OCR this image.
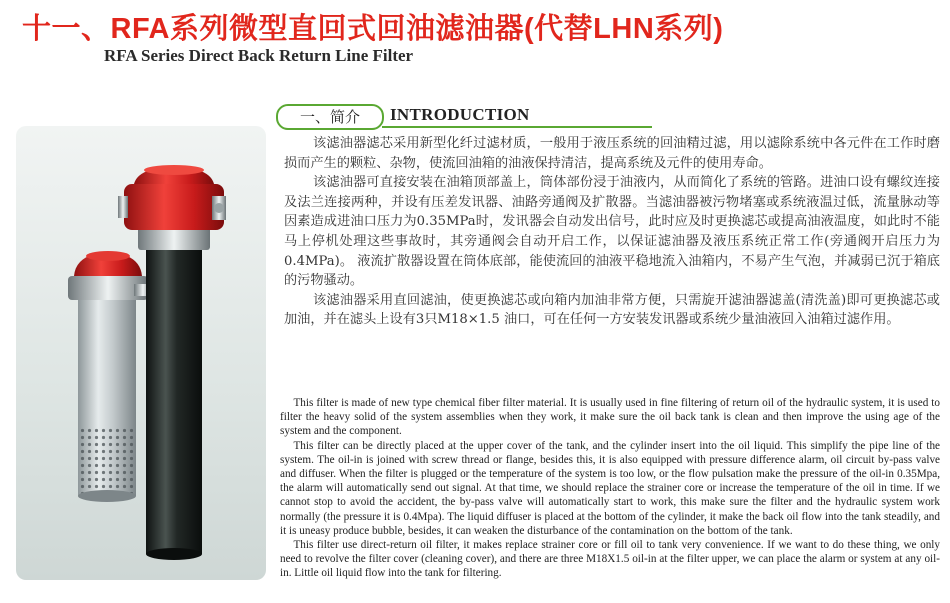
十一、RFA系列微型直回式回油滤油器(代替LHN系列)
RFA Series Direct Back Return Line Filter
一、简介	INTRODUCTION

该滤油器滤芯采用新型化纤过滤材质，一般用于液压系统的回油精过滤，用以滤除系统中各元件在工作时磨损而产生的颗粒、杂物，使流回油箱的油液保持清洁，提高系统及元件的使用寿命。

该滤油器可直接安装在油箱顶部盖上，筒体部份浸于油液内，从而简化了系统的管路。进油口设有螺纹连接及法兰连接两种，并设有压差发讯器、油路旁通阀及扩散器。当滤油器被污物堵塞或系统液温过低，流量脉动等因素造成进油口压力为0.35MPa时，发讯器会自动发出信号，此时应及时更换滤芯或提高油液温度，如此时不能马上停机处理这些事故时，其旁通阀会自动开启工作，以保证滤油器及液压系统正常工作(旁通阀开启压力为0.4MPa)。 液流扩散器设置在筒体底部，能使流回的油液平稳地流入油箱内，不易产生气泡，并减弱已沉于箱底的污物骚动。

该滤油器采用直回滤油，使更换滤芯或向箱内加油非常方便，只需旋开滤油器滤盖(清洗盖)即可更换滤芯或加油，并在滤头上设有3只M18×1.5 油口，可在任何一方安装发讯器或系统少量油液回入油箱过滤作用。

This filter is made of new type chemical fiber filter material. It is usually used in fine filtering of return oil of the hydraulic system, it is used to filter the heavy solid of the system assemblies when they work, it make sure the oil back tank is clean and then improve the using age of the system and the component.

This filter can be directly placed at the upper cover of the tank, and the cylinder insert into the oil liquid. This simplify the pipe line of the system. The oil-in is joined with screw thread or flange, besides this, it is also equipped with pressure difference alarm, oil circuit by-pass valve and diffuser. When the filter is plugged or the temperature of the system is too low, or the flow pulsation make the pressure of the oil-in 0.35Mpa, the alarm will automatically send out signal. At that time, we should replace the strainer core or increase the temperature of the oil in time. If we cannot stop to avoid the accident, the by-pass valve will automatically start to work, this make sure the filter and the hydraulic system work normally (the pressure it is 0.4Mpa). The liquid diffuser is placed at the bottom of the cylinder, it make the back oil flow into the tank steadily, and it is uneasy produce bubble, besides, it can weaken the disturbance of the contamination on the bottom of the tank.

This filter use direct-return oil filter, it makes replace strainer core or fill oil to tank very convenience. If we want to do these thing, we only need to revolve the filter cover (cleaning cover), and there are three M18X1.5 oil-in at the filter upper, we can place the alarm or system at any oil-in. Little oil liquid flow into the tank for filtering.
